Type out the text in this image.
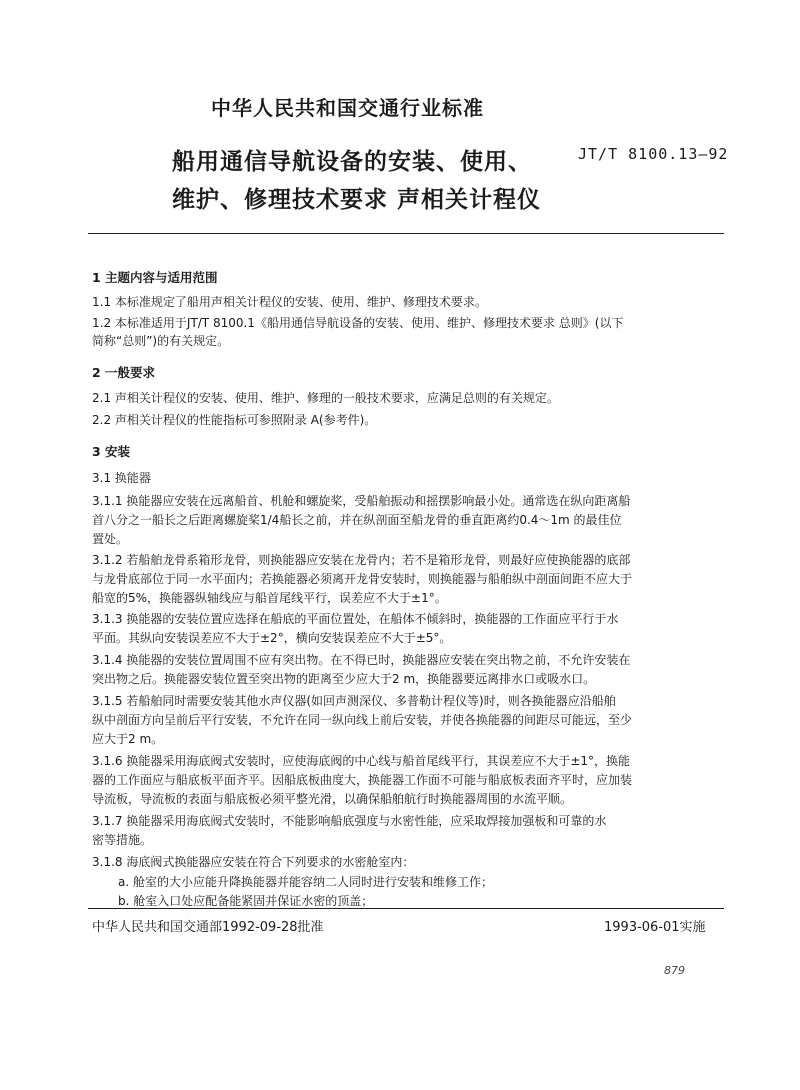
中华人民共和国交通行业标准
JT/T 8100.13—92
船用通信导航设备的安装、使用、
维护、修理技术要求 声相关计程仪
1 主题内容与适用范围
1.1 本标准规定了船用声相关计程仪的安装、使用、维护、修理技术要求。
1.2 本标准适用于JT/T 8100.1《船用通信导航设备的安装、使用、维护、修理技术要求 总则》(以下
简称“总则”)的有关规定。
2 一般要求
2.1 声相关计程仪的安装、使用、维护、修理的一般技术要求，应满足总则的有关规定。
2.2 声相关计程仪的性能指标可参照附录 A(参考件)。
3 安装
3.1 换能器
3.1.1 换能器应安装在远离船首、机舱和螺旋桨，受船舶振动和摇摆影响最小处。通常选在纵向距离船
首八分之一船长之后距离螺旋桨1/4船长之前，并在纵剖面至船龙骨的垂直距离约0.4～1m 的最佳位
置处。
3.1.2 若船舶龙骨系箱形龙骨，则换能器应安装在龙骨内；若不是箱形龙骨，则最好应使换能器的底部
与龙骨底部位于同一水平面内；若换能器必须离开龙骨安装时，则换能器与船舶纵中剖面间距不应大于
船宽的5%，换能器纵轴线应与船首尾线平行，误差应不大于±1°。
3.1.3 换能器的安装位置应选择在船底的平面位置处，在船体不倾斜时，换能器的工作面应平行于水
平面。其纵向安装误差应不大于±2°，横向安装误差应不大于±5°。
3.1.4 换能器的安装位置周围不应有突出物。在不得已时，换能器应安装在突出物之前，不允许安装在
突出物之后。换能器安装位置至突出物的距离至少应大于2 m，换能器要远离排水口或吸水口。
3.1.5 若船舶同时需要安装其他水声仪器(如回声测深仪、多普勒计程仪等)时，则各换能器应沿船舶
纵中剖面方向呈前后平行安装，不允许在同一纵向线上前后安装，并使各换能器的间距尽可能远，至少
应大于2 m。
3.1.6 换能器采用海底阀式安装时，应使海底阀的中心线与船首尾线平行，其误差应不大于±1°，换能
器的工作面应与船底板平面齐平。因船底板曲度大，换能器工作面不可能与船底板表面齐平时，应加装
导流板，导流板的表面与船底板必须平整光滑，以确保船舶航行时换能器周围的水流平顺。
3.1.7 换能器采用海底阀式安装时，不能影响船底强度与水密性能，应采取焊接加强板和可靠的水
密等措施。
3.1.8 海底阀式换能器应安装在符合下列要求的水密舱室内：
a. 舱室的大小应能升降换能器并能容纳二人同时进行安装和维修工作；
b. 舱室入口处应配备能紧固并保证水密的顶盖；
中华人民共和国交通部1992-09-28批准	1993-06-01实施
879
